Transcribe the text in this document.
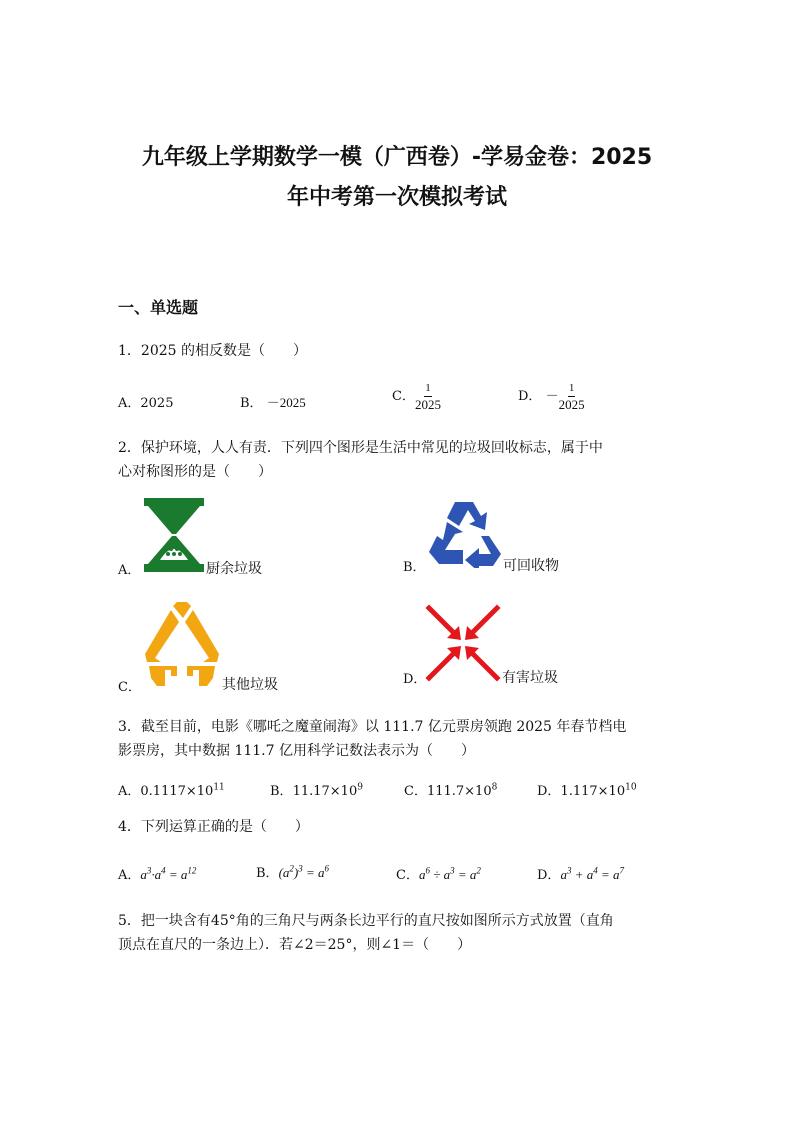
九年级上学期数学一模（广西卷）-学易金卷：2025
年中考第一次模拟考试
一、单选题
1．2025 的相反数是（　　）
A．2025	B． －2025	C． $\frac{1}{2025}$	D． － $\frac{1}{2025}$
2．保护环境，人人有责．下列四个图形是生活中常见的垃圾回收标志，属于中
心对称图形的是（　　）
A．	厨余垃圾	B．	可回收物
C．	其他垃圾	D．	有害垃圾
3．截至目前，电影《哪吒之魔童闹海》以 111.7 亿元票房领跑 2025 年春节档电
影票房，其中数据 111.7 亿用科学记数法表示为（　　）
A．$0.1117\times 10^{11}$	B．$11.17\times 10^9$	C．$111.7\times 10^8$	D．$1.117\times 10^{10}$
4．下列运算正确的是（　　）
A．$a^3\cdot a^4 = a^{12}$	B．$(a^2)^3 = a^6$	C．$a^6 \div a^3 = a^2$	D．$a^3 + a^4 = a^7$
5．把一块含有45°角的三角尺与两条长边平行的直尺按如图所示方式放置（直角
顶点在直尺的一条边上）．若∠2＝25°，则∠1＝（　　）
